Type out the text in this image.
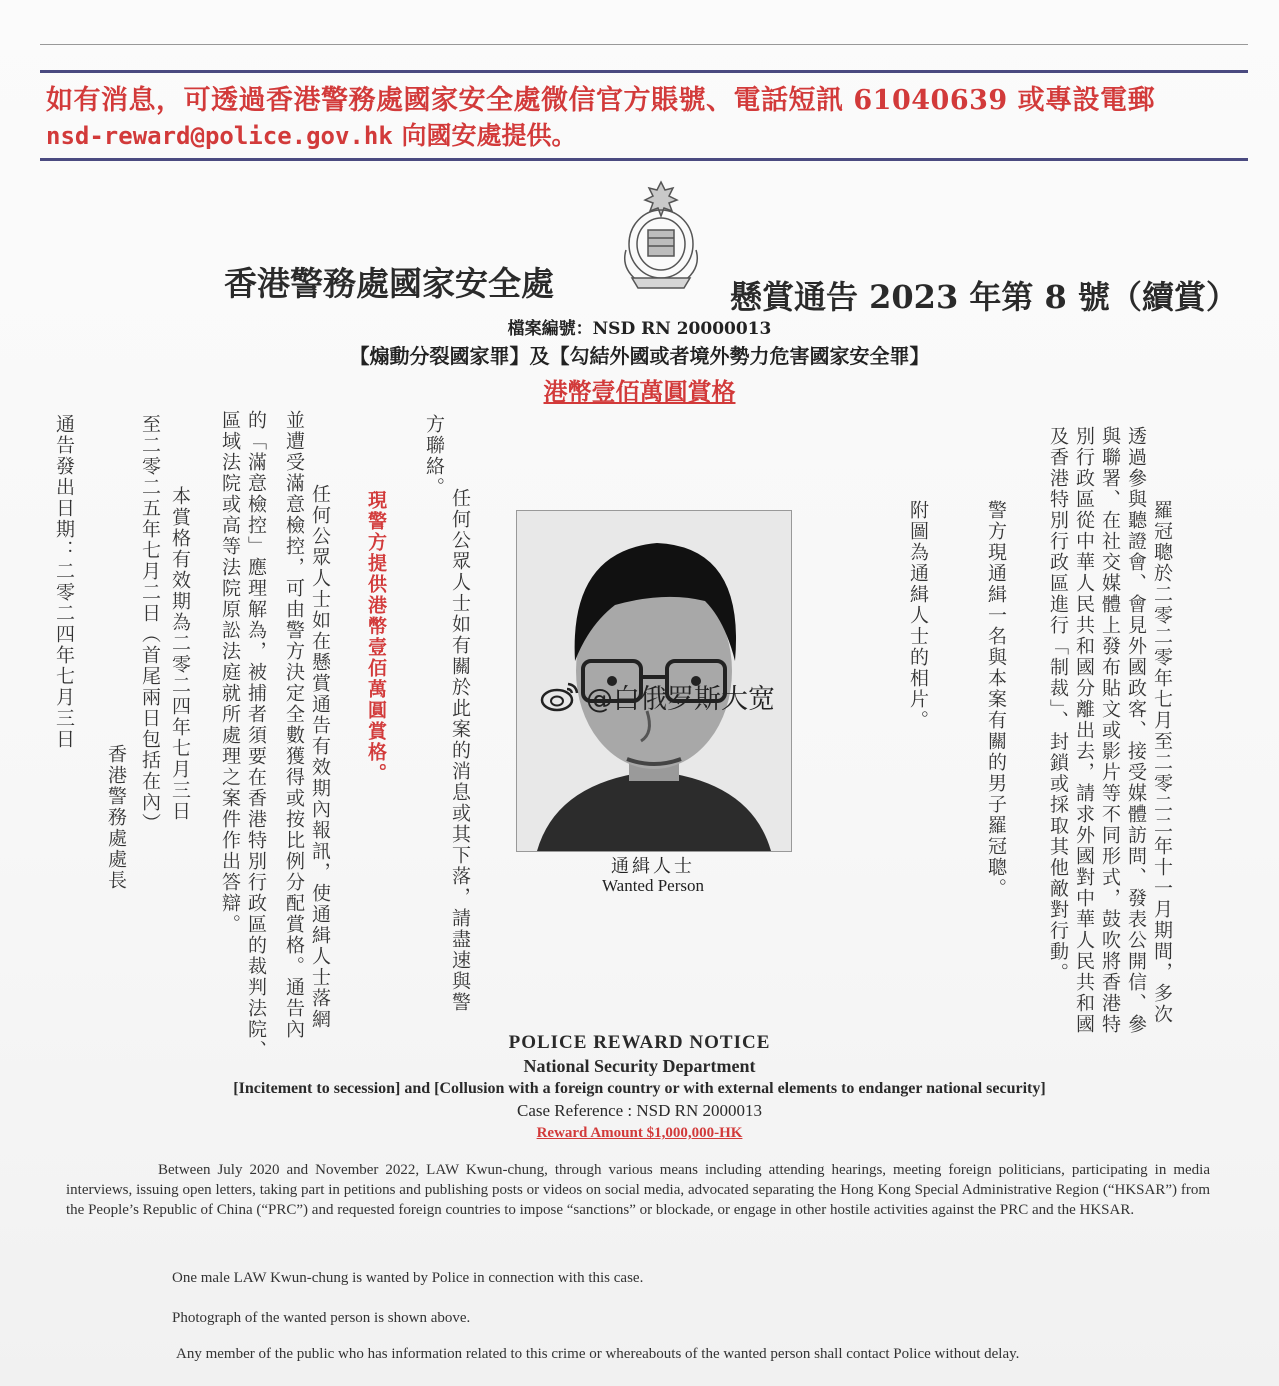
如有消息，可透過香港警務處國家安全處微信官方賬號、電話短訊 61040639 或專設電郵
nsd-reward@police.gov.hk 向國安處提供。
香港警務處國家安全處	懸賞通告 2023 年第 8 號（續賞）
檔案編號：NSD RN 20000013
【煽動分裂國家罪】及【勾結外國或者境外勢力危害國家安全罪】
港幣壹佰萬圓賞格
羅冠聰於二零二零年七月至二零二二年十一月期間，多次
透過參與聽證會、會見外國政客、接受媒體訪問、發表公開信、參
與聯署、在社交媒體上發布貼文或影片等不同形式，鼓吹將香港特
別行政區從中華人民共和國分離出去，請求外國對中華人民共和國
及香港特別行政區進行「制裁」、封鎖或採取其他敵對行動。
警方現通緝一名與本案有關的男子羅冠聰。
附圖為通緝人士的相片。
任何公眾人士如有關於此案的消息或其下落，請盡速與警
方聯絡。
現警方提供港幣壹佰萬圓賞格。
任何公眾人士如在懸賞通告有效期內報訊，使通緝人士落網
並遭受滿意檢控，可由警方決定全數獲得或按比例分配賞格。通告內
的「滿意檢控」應理解為，被捕者須要在香港特別行政區的裁判法院、
區域法院或高等法院原訟法庭就所處理之案件作出答辯。
本賞格有效期為二零二四年七月三日
至二零二五年七月二日（首尾兩日包括在內）
香港警務處處長
通告發出日期：二零二四年七月三日
通緝人士
Wanted Person
@白俄罗斯大宽
POLICE REWARD NOTICE
National Security Department
[Incitement to secession] and [Collusion with a foreign country or with external elements to endanger national security]
Case Reference : NSD RN 2000013
Reward Amount $1,000,000-HK
Between July 2020 and November 2022, LAW Kwun-chung, through various means including attending hearings, meeting foreign politicians, participating in media interviews, issuing open letters, taking part in petitions and publishing posts or videos on social media, advocated separating the Hong Kong Special Administrative Region (“HKSAR”) from the People’s Republic of China (“PRC”) and requested foreign countries to impose “sanctions” or blockade, or engage in other hostile activities against the PRC and the HKSAR.
One male LAW Kwun-chung is wanted by Police in connection with this case.
Photograph of the wanted person is shown above.
Any member of the public who has information related to this crime or whereabouts of the wanted person shall contact Police without delay.
